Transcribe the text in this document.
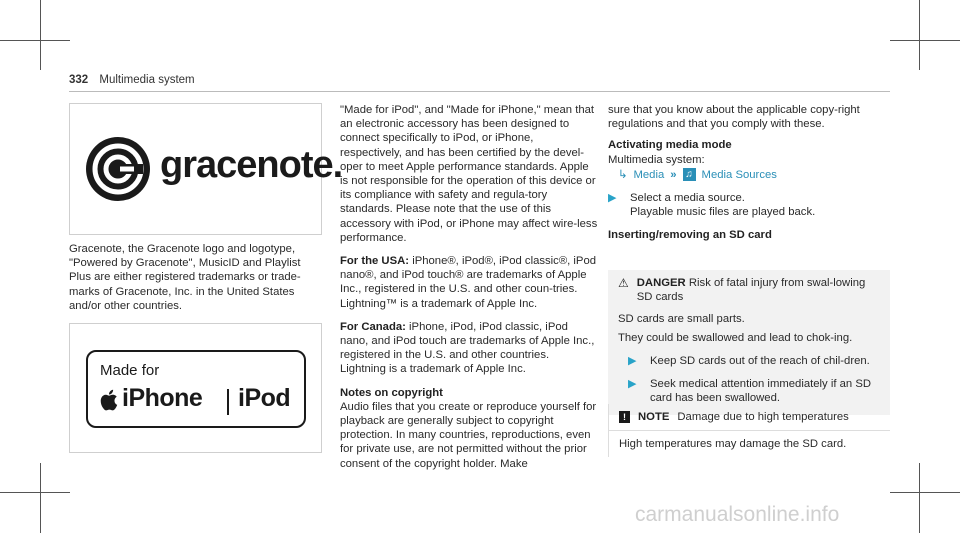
332 Multimedia system
gracenote.
Gracenote, the Gracenote logo and logotype, "Powered by Gracenote", MusicID and Playlist Plus are either registered trademarks or trade-marks of Gracenote, Inc. in the United States and/or other countries.
Made for
iPhone iPod

"Made for iPod", and "Made for iPhone," mean that an electronic accessory has been designed to connect specifically to iPod, or iPhone, respectively, and has been certified by the devel-oper to meet Apple performance standards. Apple is not responsible for the operation of this device or its compliance with safety and regula-tory standards. Please note that the use of this accessory with iPod, or iPhone may affect wire-less performance.

For the USA: iPhone®, iPod®, iPod classic®, iPod nano®, and iPod touch® are trademarks of Apple Inc., registered in the U.S. and other coun-tries. Lightning™ is a trademark of Apple Inc.

For Canada: iPhone, iPod, iPod classic, iPod nano, and iPod touch are trademarks of Apple Inc., registered in the U.S. and other countries. Lightning is a trademark of Apple Inc.

Notes on copyright

Audio files that you create or reproduce yourself for playback are generally subject to copyright protection. In many countries, reproductions, even for private use, are not permitted without the prior consent of the copyright holder. Make

sure that you know about the applicable copy-right regulations and that you comply with these.

Activating media mode

Multimedia system:

↳ Media » ♫ Media Sources
▶	Select a media source.

Playable music files are played back.

Inserting/removing an SD card

⚠ DANGER Risk of fatal injury from swal-lowing SD cards

SD cards are small parts.

They could be swallowed and lead to chok-ing.

▶	Keep SD cards out of the reach of chil-dren.

▶	Seek medical attention immediately if an SD card has been swallowed.

!	NOTE Damage due to high temperatures

High temperatures may damage the SD card.

carmanualsonline.info
